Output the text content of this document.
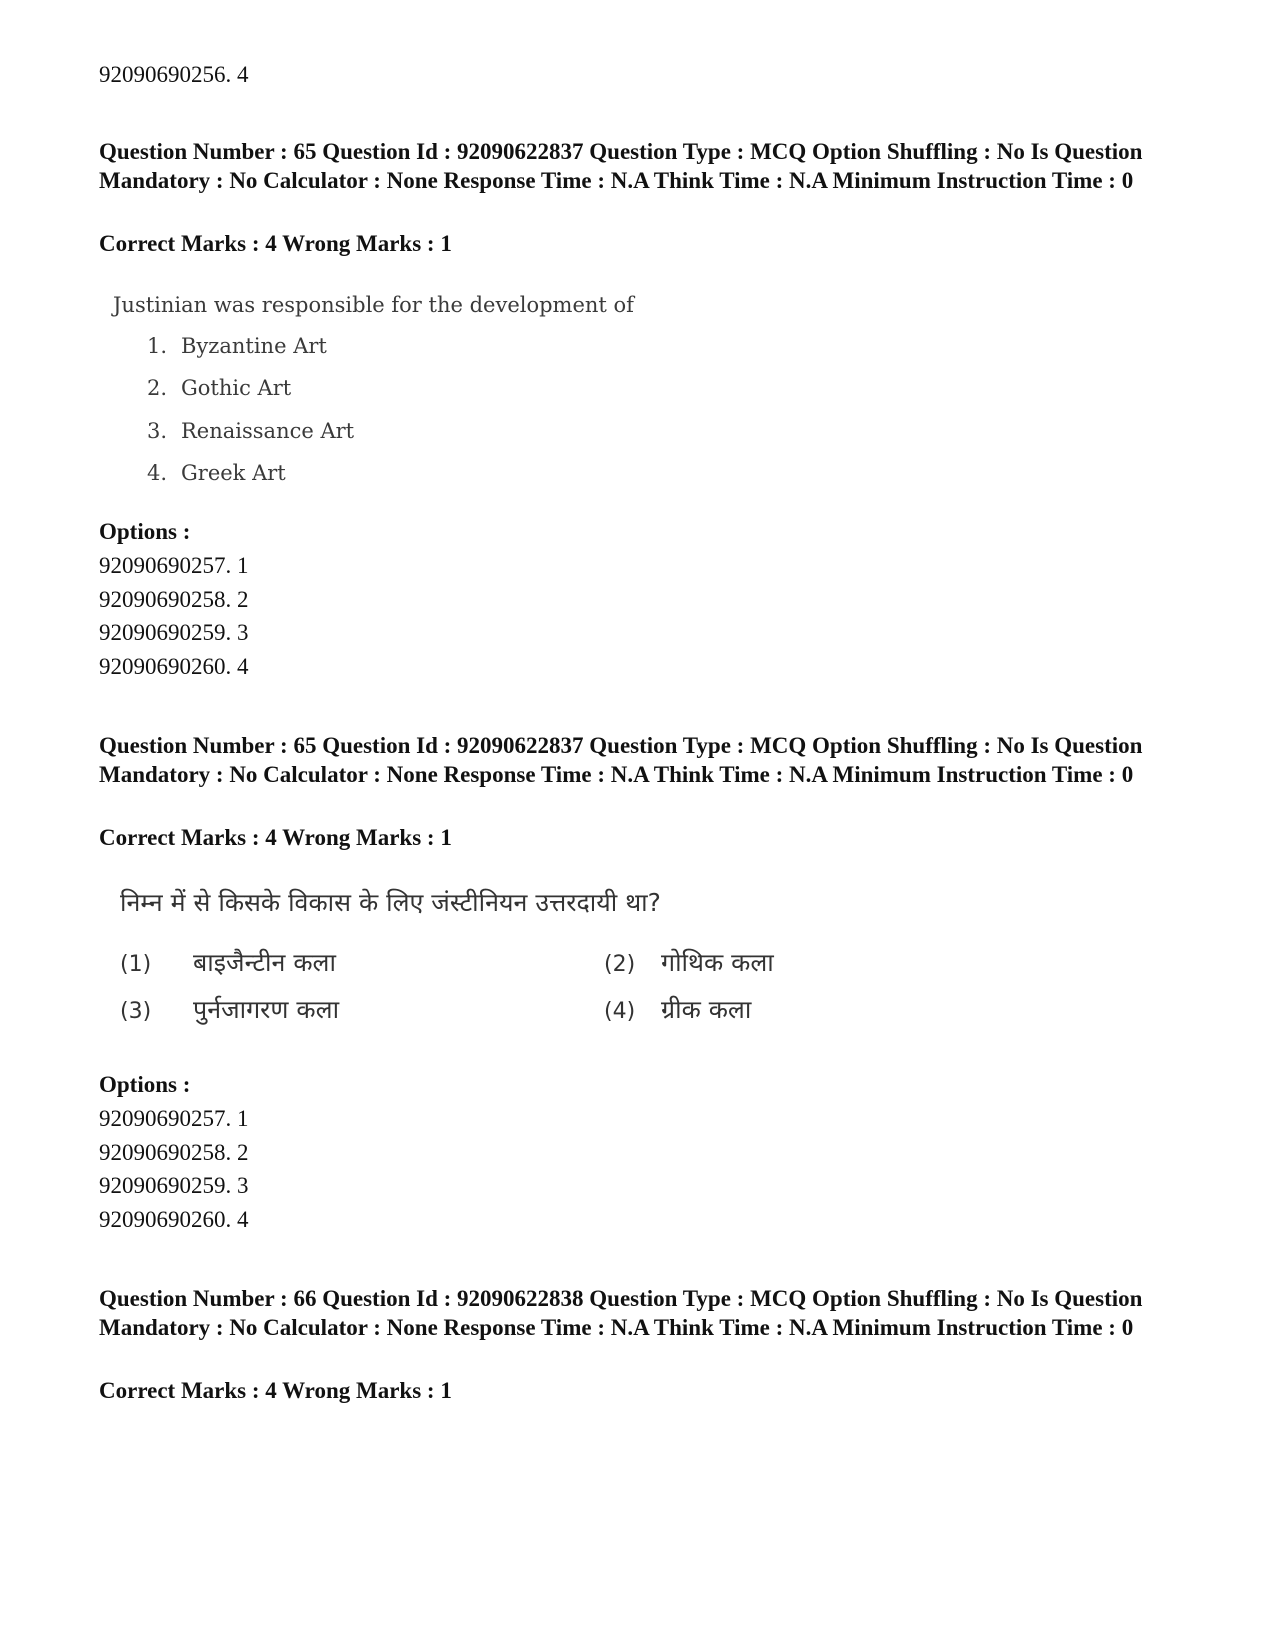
92090690256. 4
Question Number : 65 Question Id : 92090622837 Question Type : MCQ Option Shuffling : No Is Question Mandatory : No Calculator : None Response Time : N.A Think Time : N.A Minimum Instruction Time : 0
Correct Marks : 4 Wrong Marks : 1
Justinian was responsible for the development of
1. Byzantine Art
2. Gothic Art
3. Renaissance Art
4. Greek Art
Options :
92090690257. 1
92090690258. 2
92090690259. 3
92090690260. 4
Question Number : 65 Question Id : 92090622837 Question Type : MCQ Option Shuffling : No Is Question Mandatory : No Calculator : None Response Time : N.A Think Time : N.A Minimum Instruction Time : 0
Correct Marks : 4 Wrong Marks : 1
निम्न में से किसके विकास के लिए जंस्टीनियन उत्तरदायी था?
(1) बाइजैन्टीन कला	(2) गोथिक कला
(3) पुर्नजागरण कला	(4) ग्रीक कला
Options :
92090690257. 1
92090690258. 2
92090690259. 3
92090690260. 4
Question Number : 66 Question Id : 92090622838 Question Type : MCQ Option Shuffling : No Is Question Mandatory : No Calculator : None Response Time : N.A Think Time : N.A Minimum Instruction Time : 0
Correct Marks : 4 Wrong Marks : 1
